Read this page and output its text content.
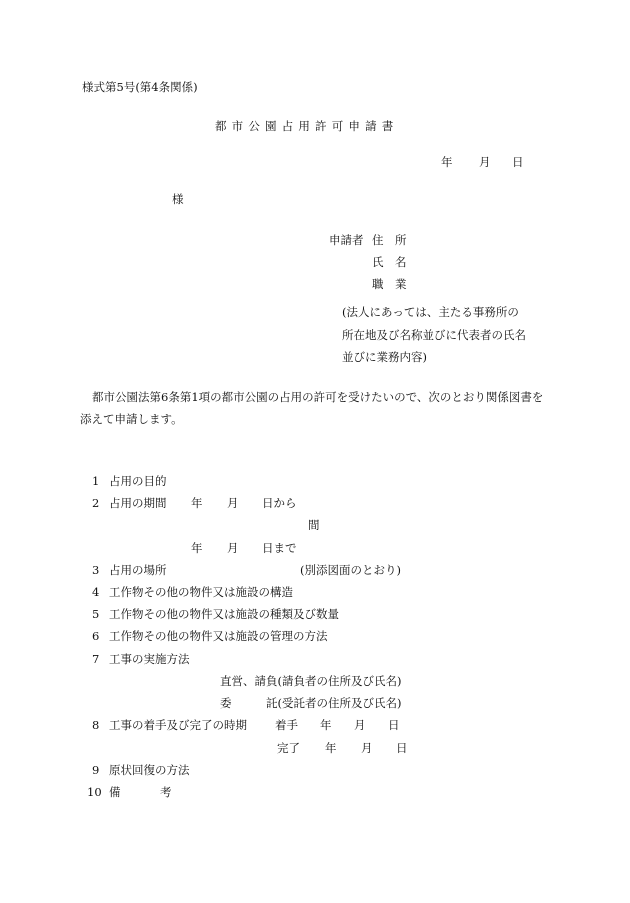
様式第5号(第4条関係)
都市公園占用許可申請書
年 月 日
様
申請者 住　所
氏　名
職　業
(法人にあっては、主たる事務所の
所在地及び名称並びに代表者の氏名
並びに業務内容)
都市公園法第6条第1項の都市公園の占用の許可を受けたいので、次のとおり関係図書を
添えて申請します。
1 占用の目的
2 占用の期間 年 月 日から
間
年 月 日まで
3 占用の場所	(別添図面のとおり)
4 工作物その他の物件又は施設の構造
5 工作物その他の物件又は施設の種類及び数量
6 工作物その他の物件又は施設の管理の方法
7 工事の実施方法
直営、請負(請負者の住所及び氏名)
委	託(受託者の住所及び氏名)
8 工事の着手及び完了の時期 着手 年 月 日
完了 年 月 日
9 原状回復の方法
10 備	考
